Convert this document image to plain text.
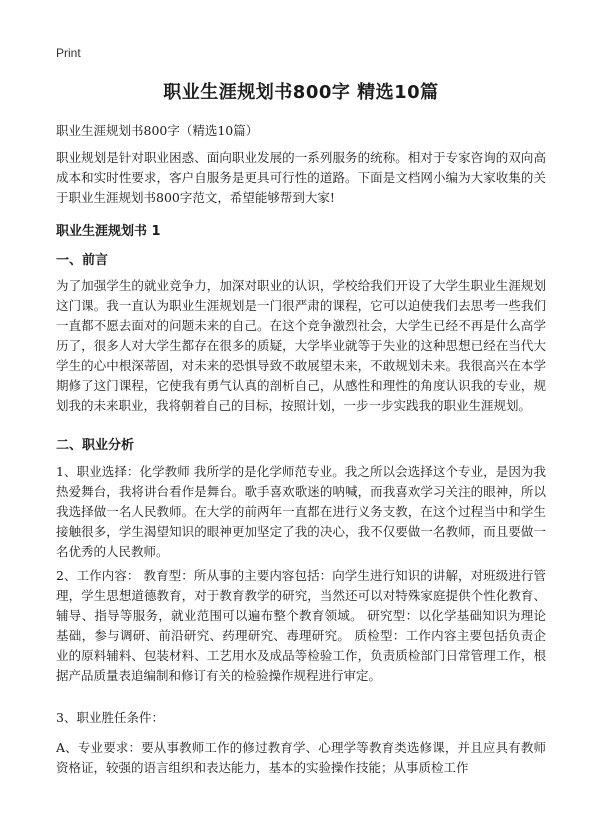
Print
职业生涯规划书800字 精选10篇
职业生涯规划书800字（精选10篇）

职业规划是针对职业困惑、面向职业发展的一系列服务的统称。相对于专家咨询的双向高成本和实时性要求，客户自服务是更具可行性的道路。下面是文档网小编为大家收集的关于职业生涯规划书800字范文，希望能够帮到大家!

职业生涯规划书 1
一、前言

为了加强学生的就业竞争力，加深对职业的认识，学校给我们开设了大学生职业生涯规划这门课。我一直认为职业生涯规划是一门很严肃的课程，它可以迫使我们去思考一些我们一直都不愿去面对的问题未来的自己。在这个竞争激烈社会，大学生已经不再是什么高学历了，很多人对大学生都存在很多的质疑，大学毕业就等于失业的这种思想已经在当代大学生的心中根深蒂固，对未来的恐惧导致不敢展望未来，不敢规划未来。我很高兴在本学期修了这门课程，它使我有勇气认真的剖析自己，从感性和理性的角度认识我的专业，规划我的未来职业，我将朝着自己的目标，按照计划，一步一步实践我的职业生涯规划。

二、职业分析

1、职业选择：化学教师 我所学的是化学师范专业。我之所以会选择这个专业，是因为我热爱舞台，我将讲台看作是舞台。歌手喜欢歌迷的呐喊，而我喜欢学习关注的眼神，所以我选择做一名人民教师。在大学的前两年一直都在进行义务支教，在这个过程当中和学生接触很多，学生渴望知识的眼神更加坚定了我的决心，我不仅要做一名教师，而且要做一名优秀的人民教师。

2、工作内容： 教育型：所从事的主要内容包括：向学生进行知识的讲解，对班级进行管理，学生思想道德教育，对于教育教学的研究，当然还可以对特殊家庭提供个性化教育、辅导、指导等服务，就业范围可以遍布整个教育领域。 研究型：以化学基础知识为理论基础，参与调研、前沿研究、药理研究、毒理研究。 质检型：工作内容主要包括负责企业的原料辅料、包装材料、工艺用水及成品等检验工作，负责质检部门日常管理工作，根据产品质量表追编制和修订有关的检验操作规程进行审定。

3、职业胜任条件：

A、专业要求：要从事教师工作的修过教育学、心理学等教育类选修课，并且应具有教师资格证，较强的语言组织和表达能力，基本的实验操作技能；从事质检工作
